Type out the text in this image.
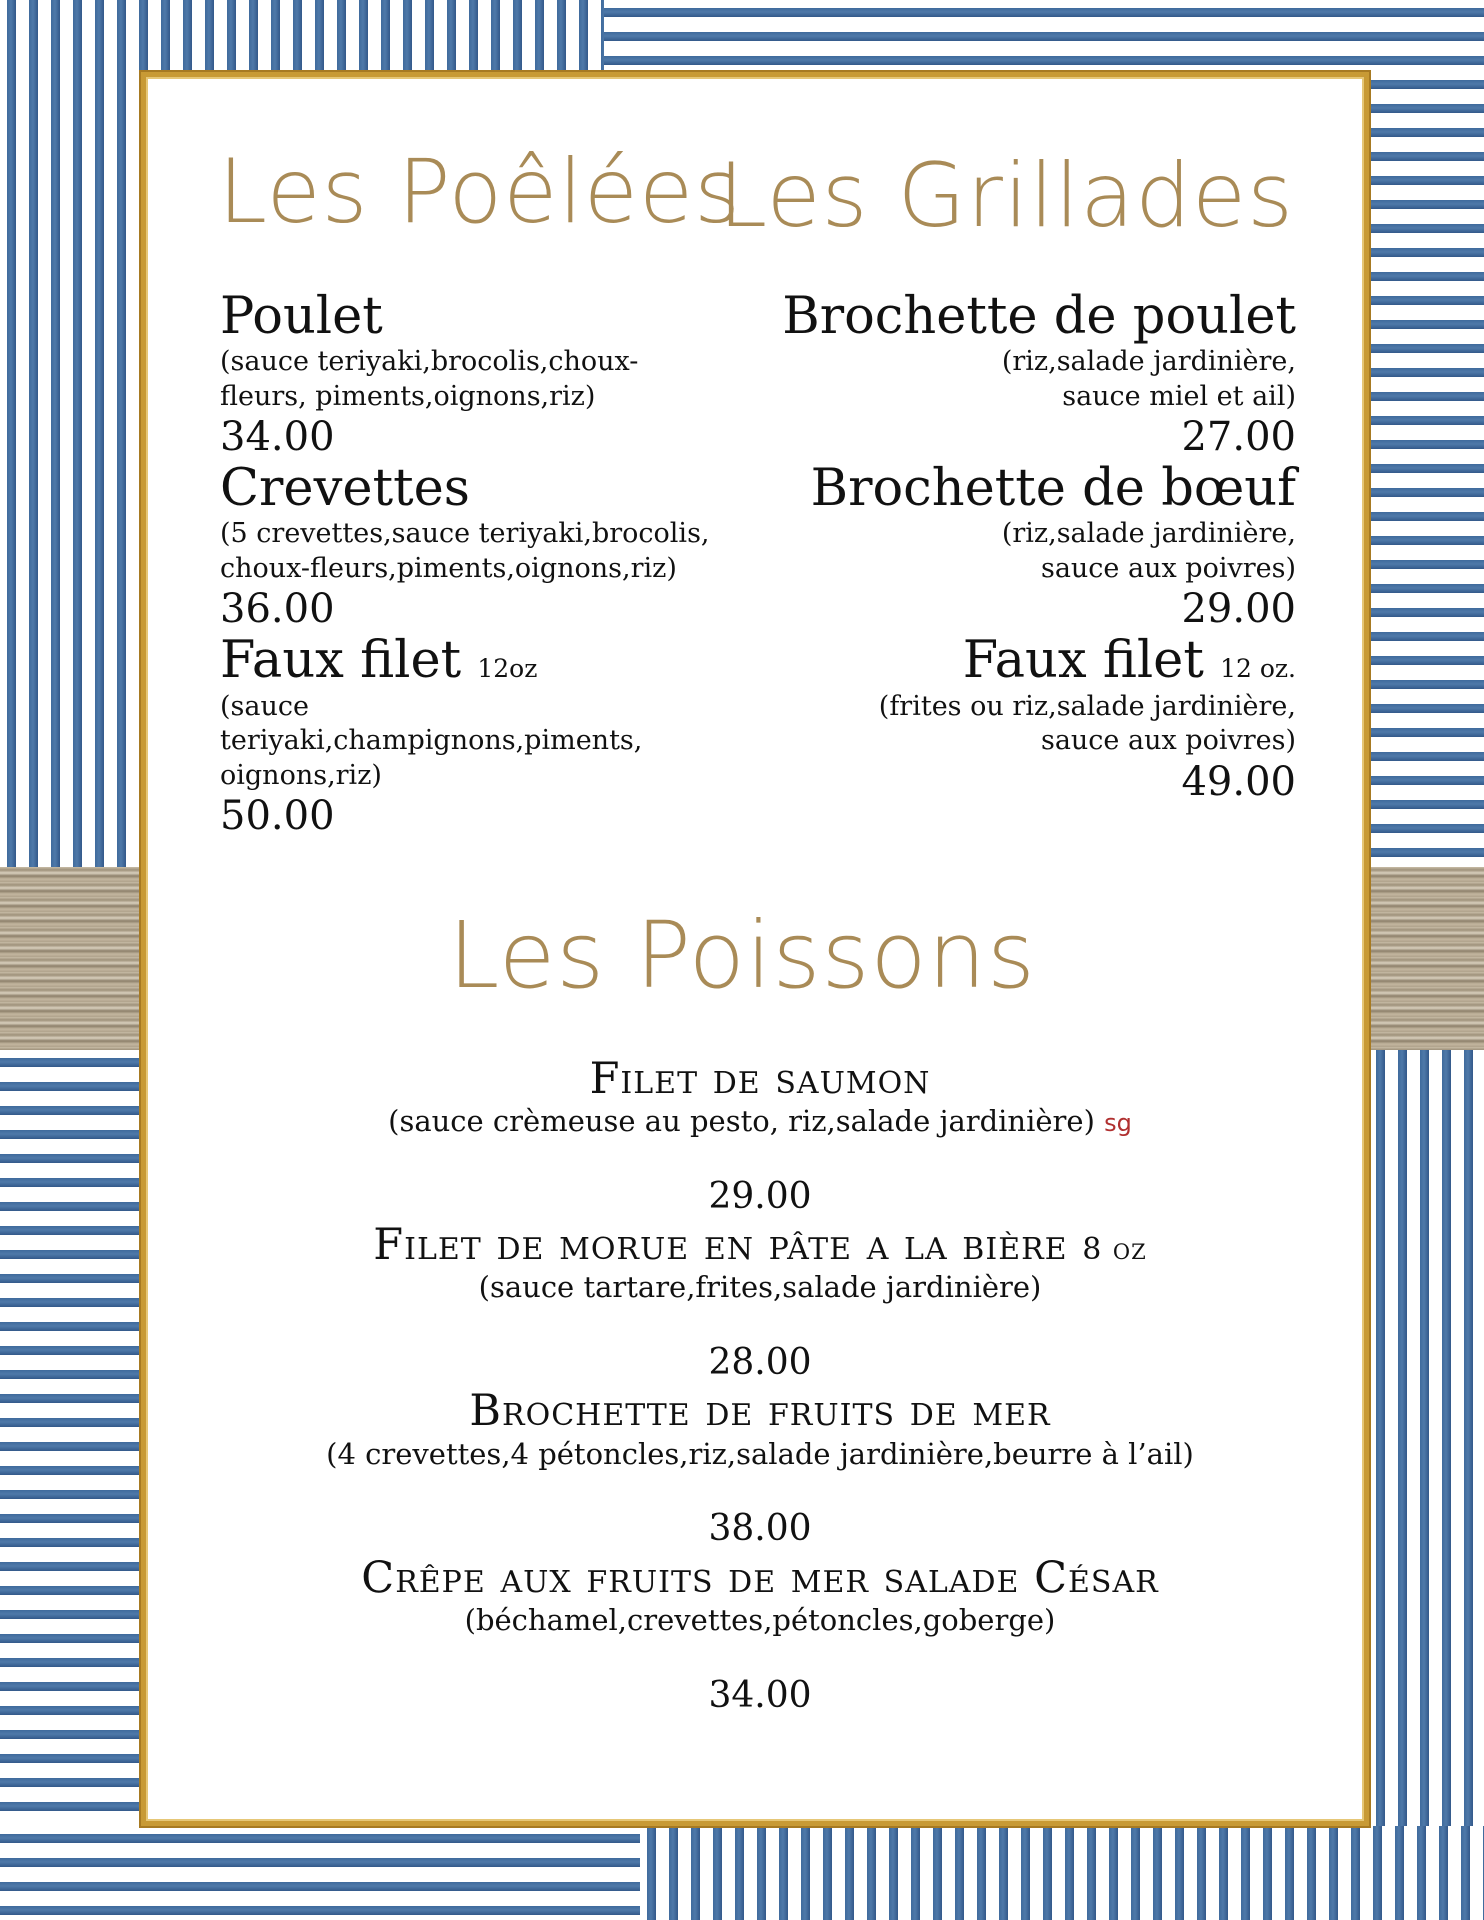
Les Poêlées
Les Grillades
Les Poissons
Poulet
(sauce teriyaki,brocolis,choux-fleurs, piments,oignons,riz)
34.00
Crevettes
(5 crevettes,sauce teriyaki,brocolis, choux-fleurs,piments,oignons,riz)
36.00
Faux filet 12oz
(sauce teriyaki,champignons,piments, oignons,riz)
50.00
Brochette de poulet
(riz,salade jardinière,
sauce miel et ail)
27.00
Brochette de bœuf
(riz,salade jardinière,
sauce aux poivres)
29.00
Faux filet 12 oz.
(frites ou riz,salade jardinière,
sauce aux poivres)
49.00
Filet de saumon
(sauce crèmeuse au pesto, riz,salade jardinière) sg
29.00
Filet de morue en pâte a la bière 8 oz
(sauce tartare,frites,salade jardinière)
28.00
Brochette de fruits de mer
(4 crevettes,4 pétoncles,riz,salade jardinière,beurre à l’ail)
38.00
Crêpe aux fruits de mer salade César
(béchamel,crevettes,pétoncles,goberge)
34.00
